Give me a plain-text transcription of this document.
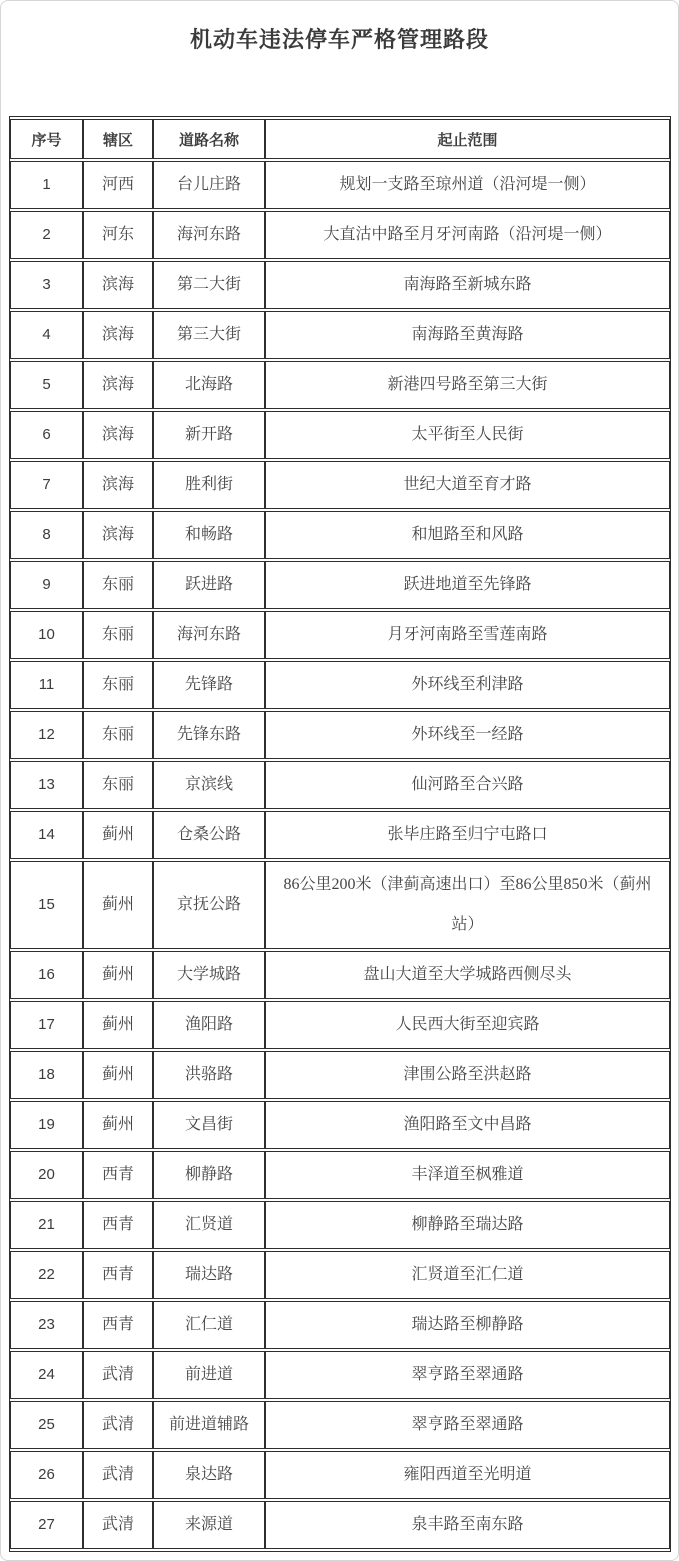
机动车违法停车严格管理路段
序号	辖区	道路名称	起止范围
1	河西	台儿庄路	规划一支路至琼州道（沿河堤一侧）
2	河东	海河东路	大直沽中路至月牙河南路（沿河堤一侧）
3	滨海	第二大街	南海路至新城东路
4	滨海	第三大街	南海路至黄海路
5	滨海	北海路	新港四号路至第三大街
6	滨海	新开路	太平街至人民街
7	滨海	胜利街	世纪大道至育才路
8	滨海	和畅路	和旭路至和风路
9	东丽	跃进路	跃进地道至先锋路
10	东丽	海河东路	月牙河南路至雪莲南路
11	东丽	先锋路	外环线至利津路
12	东丽	先锋东路	外环线至一经路
13	东丽	京滨线	仙河路至合兴路
14	蓟州	仓桑公路	张毕庄路至归宁屯路口
15	蓟州	京抚公路	86公里200米（津蓟高速出口）至86公里850米（蓟州站）
16	蓟州	大学城路	盘山大道至大学城路西侧尽头
17	蓟州	渔阳路	人民西大街至迎宾路
18	蓟州	洪骆路	津围公路至洪赵路
19	蓟州	文昌街	渔阳路至文中昌路
20	西青	柳静路	丰泽道至枫雅道
21	西青	汇贤道	柳静路至瑞达路
22	西青	瑞达路	汇贤道至汇仁道
23	西青	汇仁道	瑞达路至柳静路
24	武清	前进道	翠亨路至翠通路
25	武清	前进道辅路	翠亨路至翠通路
26	武清	泉达路	雍阳西道至光明道
27	武清	来源道	泉丰路至南东路
